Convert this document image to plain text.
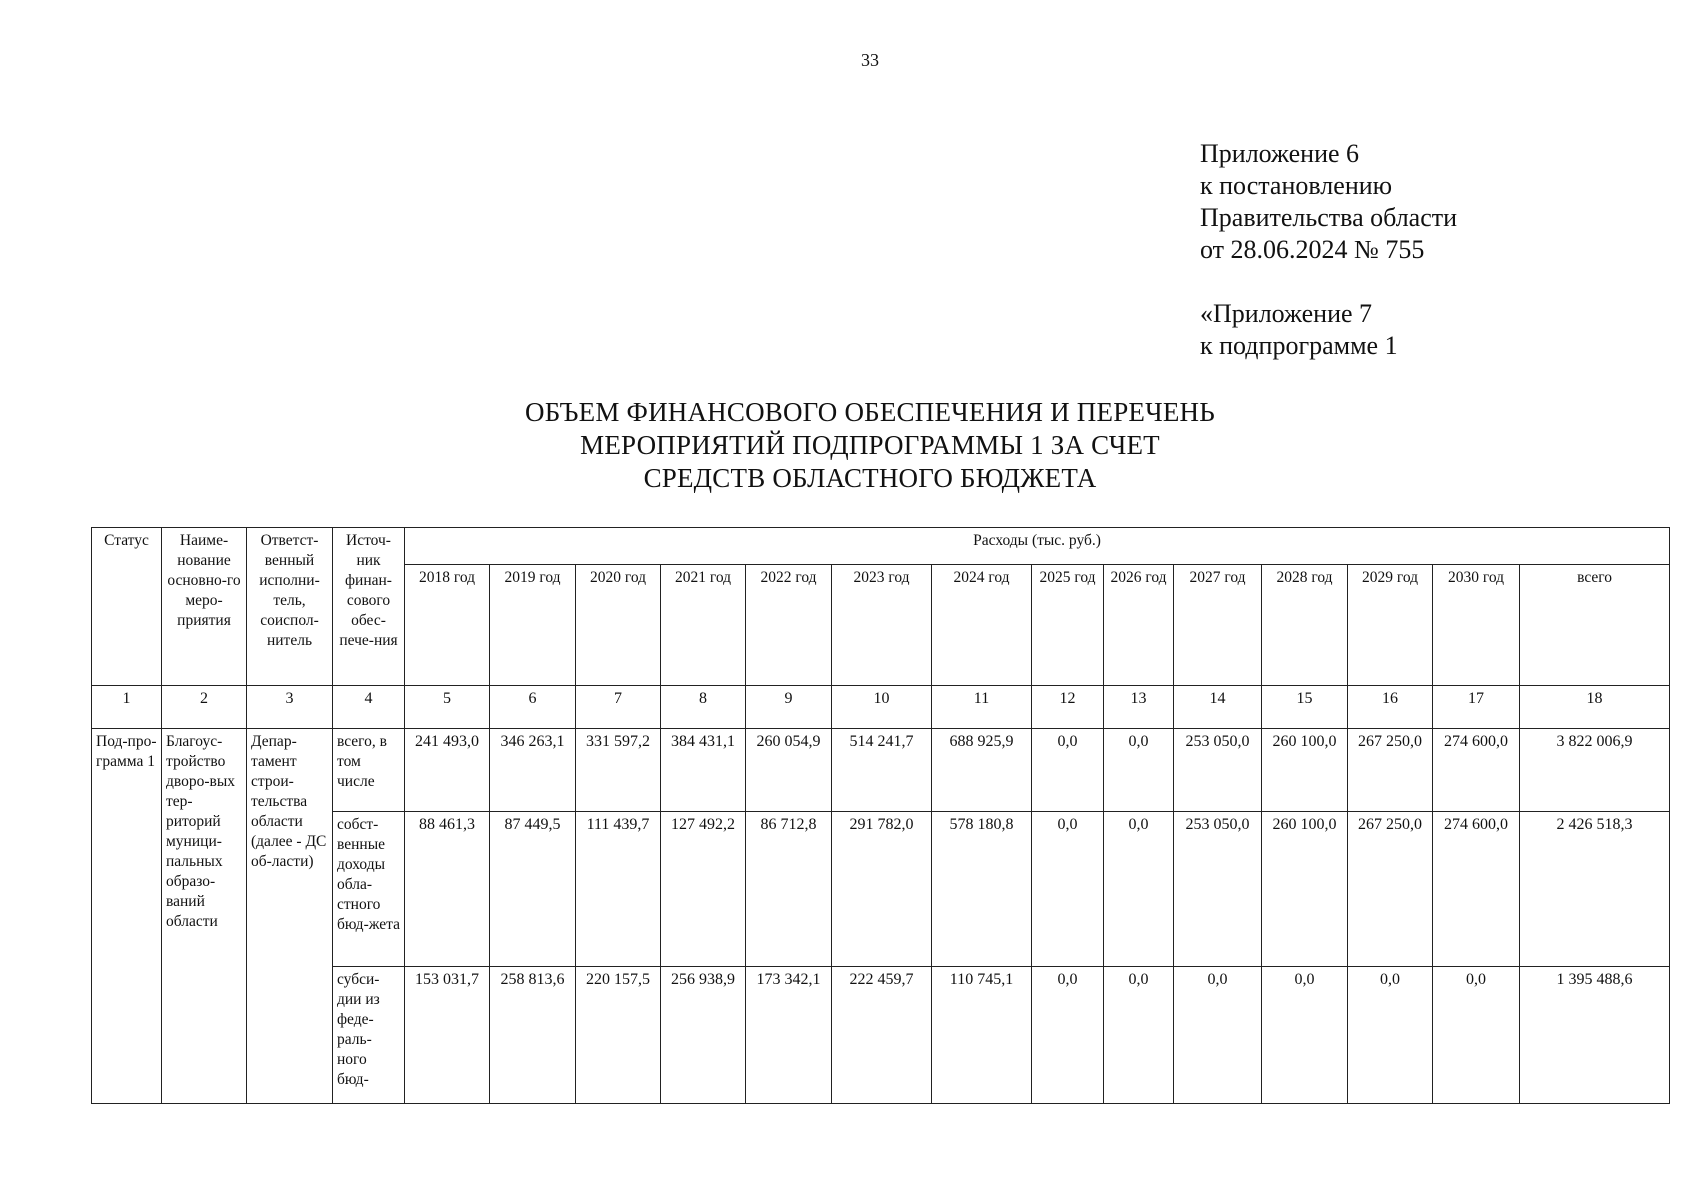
33
Приложение 6
к постановлению
Правительства области
от 28.06.2024 № 755
«Приложение 7
к подпрограмме 1
ОБЪЕМ ФИНАНСОВОГО ОБЕСПЕЧЕНИЯ И ПЕРЕЧЕНЬ
МЕРОПРИЯТИЙ ПОДПРОГРАММЫ 1 ЗА СЧЕТ
СРЕДСТВ ОБЛАСТНОГО БЮДЖЕТА
Статус	Наиме-нование основно-го меро-приятия	Ответст-венный исполни-тель, соиспол-нитель	Источ-ник финан-сового обес-пече-ния	Расходы (тыс. руб.)													
				2018 год	2019 год	2020 год	2021 год	2022 год	2023 год	2024 год	2025 год	2026 год	2027 год	2028 год	2029 год	2030 год	всего
1	2	3	4	5	6	7	8	9	10	11	12	13	14	15	16	17	18
Под-про-грамма 1	Благоус-тройство дворо-вых тер-риторий муници-пальных образо-ваний области	Депар-тамент строи-тельства области (далее - ДС об-ласти)	всего, в том числе	241 493,0	346 263,1	331 597,2	384 431,1	260 054,9	514 241,7	688 925,9	0,0	0,0	253 050,0	260 100,0	267 250,0	274 600,0	3 822 006,9
			собст-венные доходы обла-стного бюд-жета	88 461,3	87 449,5	111 439,7	127 492,2	86 712,8	291 782,0	578 180,8	0,0	0,0	253 050,0	260 100,0	267 250,0	274 600,0	2 426 518,3
			субси-дии из феде-раль-ного бюд-	153 031,7	258 813,6	220 157,5	256 938,9	173 342,1	222 459,7	110 745,1	0,0	0,0	0,0	0,0	0,0	0,0	1 395 488,6
